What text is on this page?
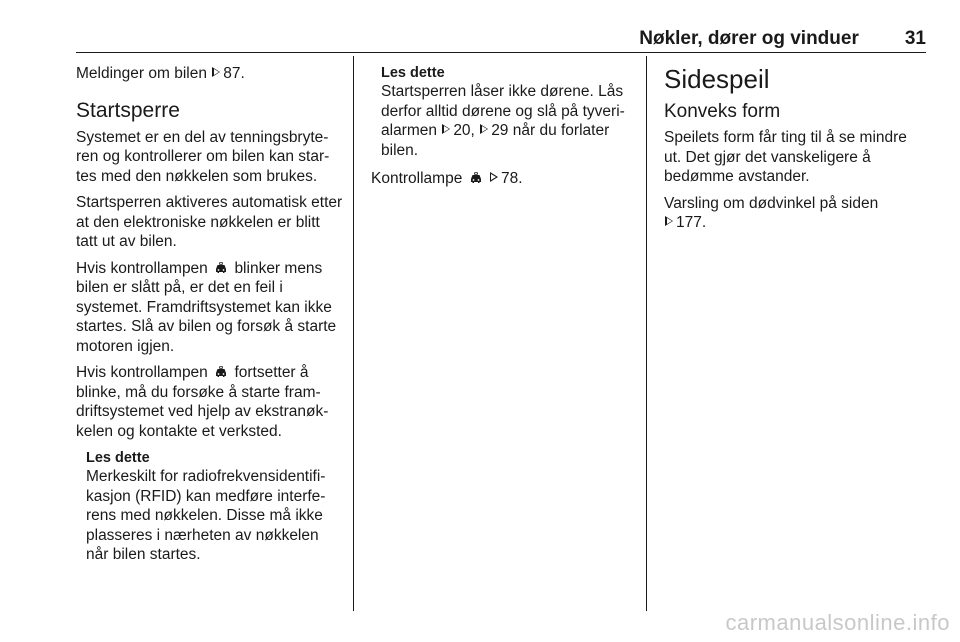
Nøkler, dører og vinduer 31

Meldinger om bilen 87.

Startsperre

Systemet er en del av tenningsbryte-ren og kontrollerer om bilen kan star-tes med den nøkkelen som brukes.

Startsperren aktiveres automatisk etter at den elektroniske nøkkelen er blitt tatt ut av bilen.

Hvis kontrollampen blinker mens bilen er slått på, er det en feil i systemet. Framdriftsystemet kan ikke startes. Slå av bilen og forsøk å starte motoren igjen.

Hvis kontrollampen fortsetter å blinke, må du forsøke å starte fram-driftsystemet ved hjelp av ekstranøk-kelen og kontakte et verksted.

Les dette

Merkeskilt for radiofrekvensidentifi-kasjon (RFID) kan medføre interfe-rens med nøkkelen. Disse må ikke plasseres i nærheten av nøkkelen når bilen startes.

Les dette

Startsperren låser ikke dørene. Lås derfor alltid dørene og slå på tyveri-alarmen 20, 29 når du forlater bilen.

Kontrollampe 78.

Sidespeil
Konveks form

Speilets form får ting til å se mindre ut. Det gjør det vanskeligere å bedømme avstander.

Varsling om dødvinkel på siden
177.

carmanualsonline.info
